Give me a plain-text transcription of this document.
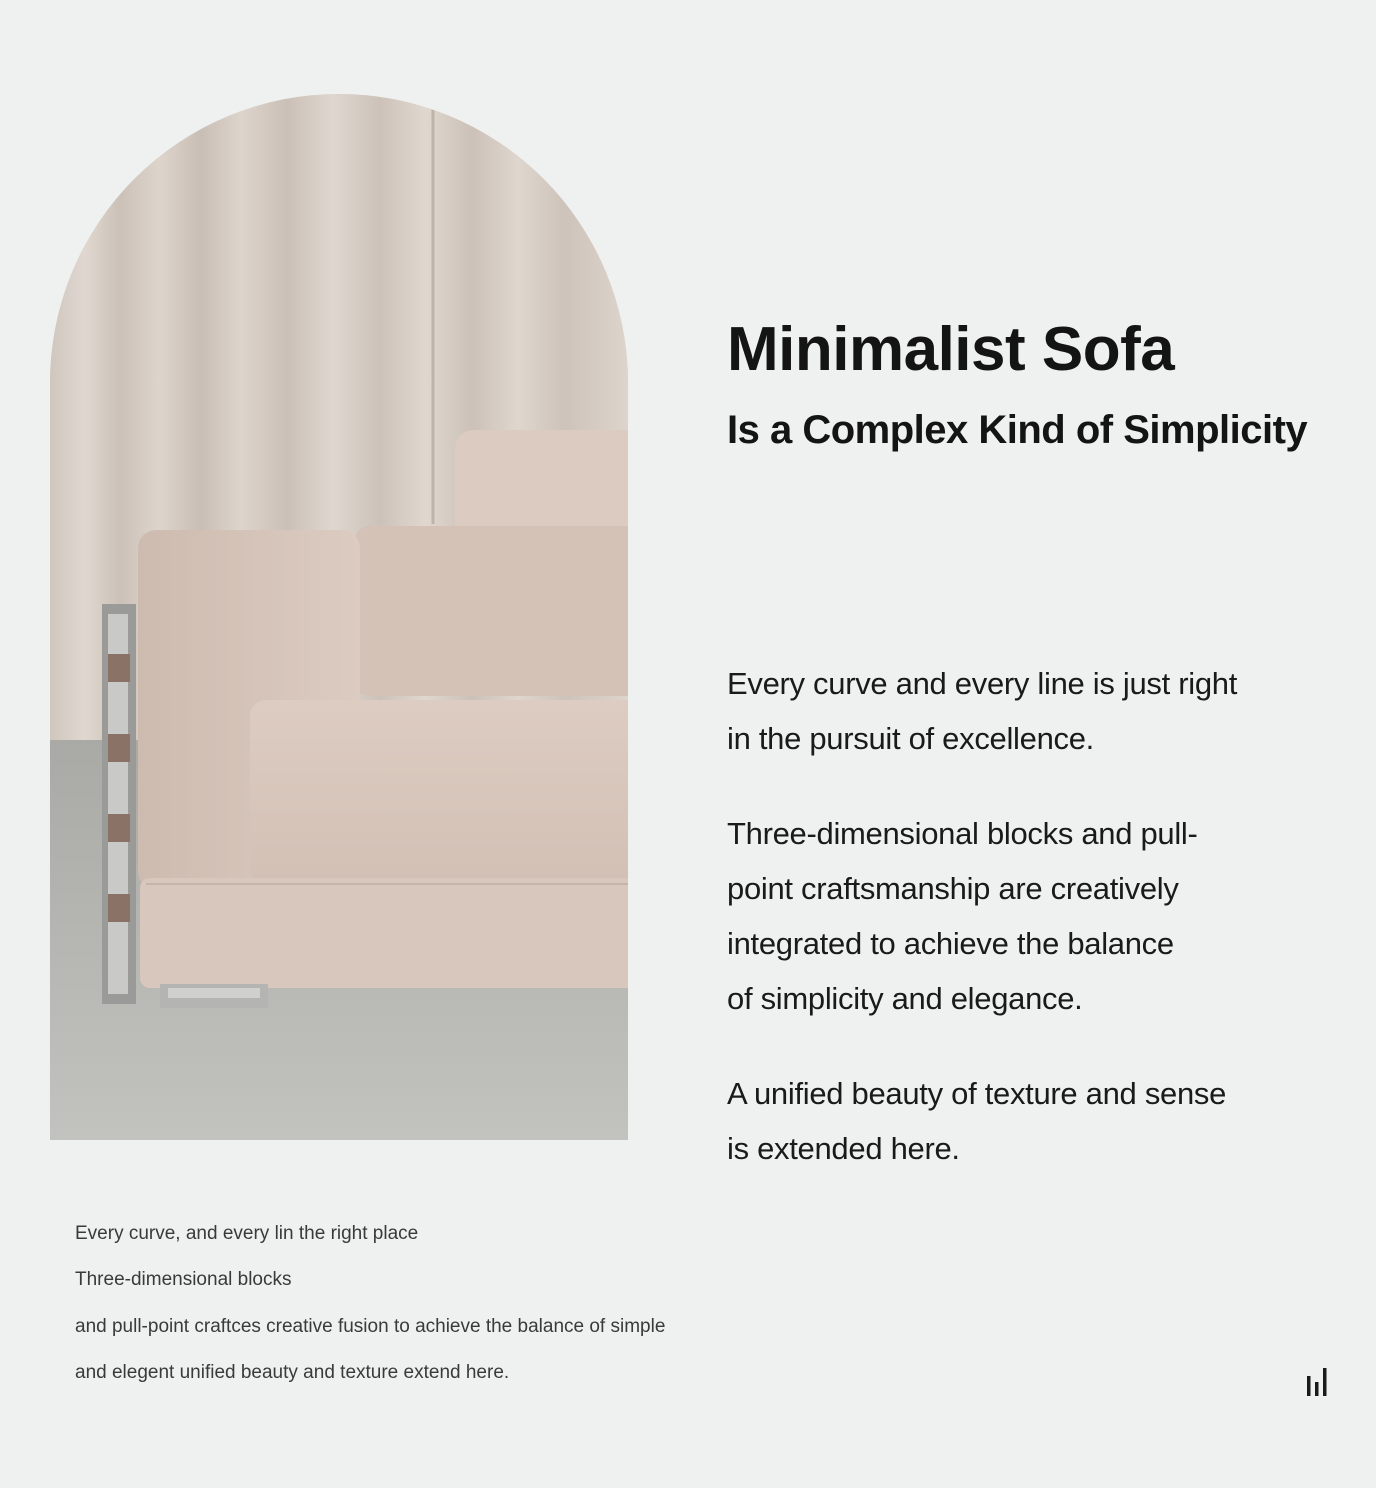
Minimalist Sofa
Is a Complex Kind of Simplicity
Every curve and every line is just right
in the pursuit of excellence.
Three-dimensional blocks and pull-
point craftsmanship are creatively
integrated to achieve the balance
of simplicity and elegance.
A unified beauty of texture and sense
is extended here.
Every curve, and every lin the right place
Three-dimensional blocks
and pull-point craftces creative fusion to achieve the balance of simple
and elegent unified beauty and texture extend here.
